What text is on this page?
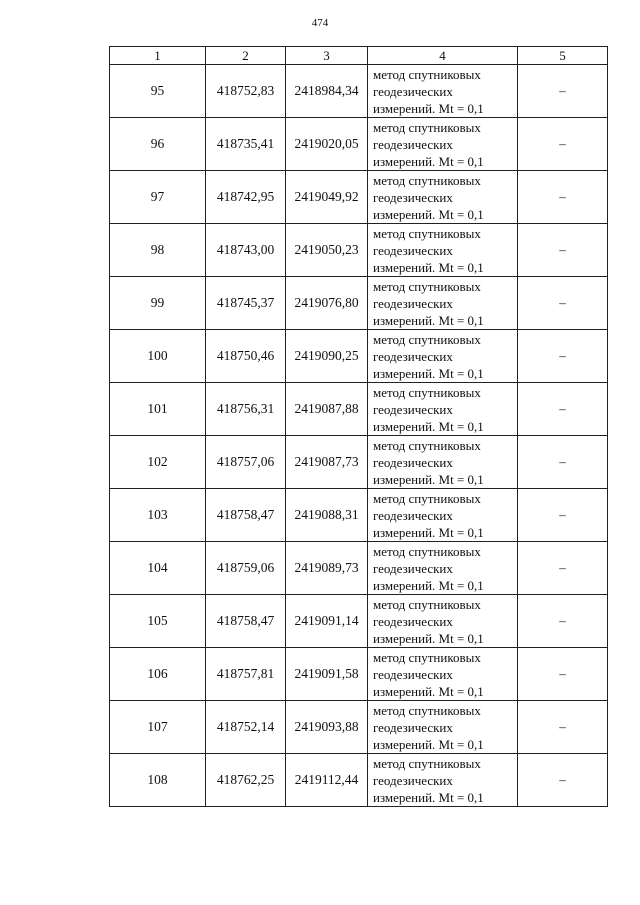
474
1	2	3	4	5
95	418752,83	2418984,34	метод спутниковых
геодезических
измерений. Mt = 0,1	–
96	418735,41	2419020,05	метод спутниковых
геодезических
измерений. Mt = 0,1	–
97	418742,95	2419049,92	метод спутниковых
геодезических
измерений. Mt = 0,1	–
98	418743,00	2419050,23	метод спутниковых
геодезических
измерений. Mt = 0,1	–
99	418745,37	2419076,80	метод спутниковых
геодезических
измерений. Mt = 0,1	–
100	418750,46	2419090,25	метод спутниковых
геодезических
измерений. Mt = 0,1	–
101	418756,31	2419087,88	метод спутниковых
геодезических
измерений. Mt = 0,1	–
102	418757,06	2419087,73	метод спутниковых
геодезических
измерений. Mt = 0,1	–
103	418758,47	2419088,31	метод спутниковых
геодезических
измерений. Mt = 0,1	–
104	418759,06	2419089,73	метод спутниковых
геодезических
измерений. Mt = 0,1	–
105	418758,47	2419091,14	метод спутниковых
геодезических
измерений. Mt = 0,1	–
106	418757,81	2419091,58	метод спутниковых
геодезических
измерений. Mt = 0,1	–
107	418752,14	2419093,88	метод спутниковых
геодезических
измерений. Mt = 0,1	–
108	418762,25	2419112,44	метод спутниковых
геодезических
измерений. Mt = 0,1	–
